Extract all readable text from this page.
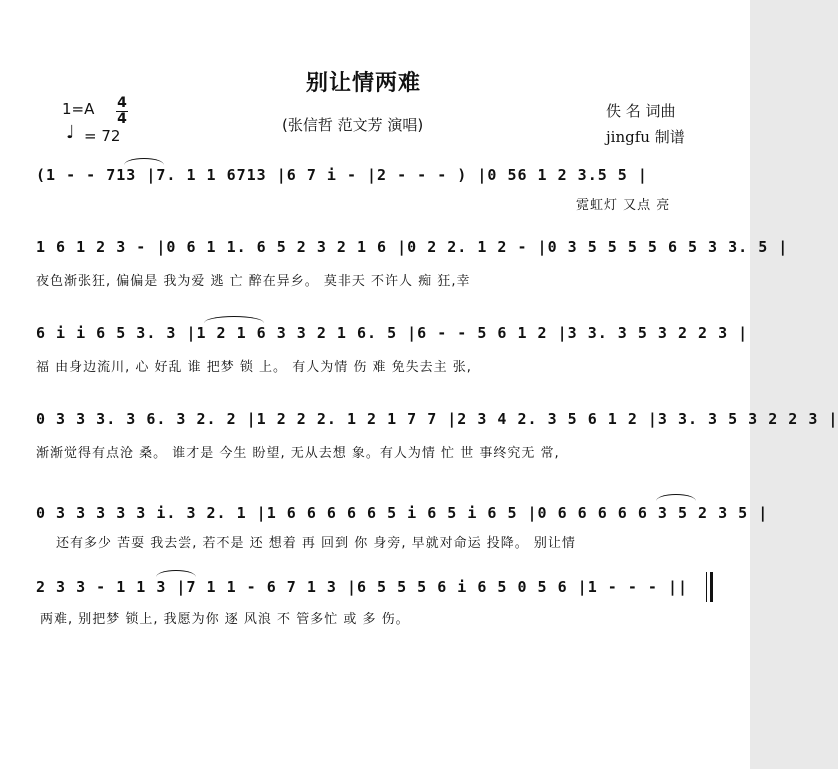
别让情两难
1=A 4
4
♩ = 72
(张信哲 范文芳 演唱)
佚 名 词曲
jingfu 制谱
(1 - - 713 |7. 1 1 6713 |6 7 i - |2 - - - ) |0 56 1 2 3.5 5 |
霓虹灯 又点 亮
1 6 1 2 3 - |0 6 1 1. 6 5 2 3 2 1 6 |0 2 2. 1 2 - |0 3 5 5 5 5 6 5 3 3. 5 |
夜色渐张狂, 偏偏是 我为爱 逃 亡 醉在异乡。 莫非天 不许人 痴 狂,幸
6 i i 6 5 3. 3 |1 2 1 6 3 3 2 1 6. 5 |6 - - 5 6 1 2 |3 3. 3 5 3 2 2 3 |
福 由身边流川, 心 好乱 谁 把梦 锁 上。 有人为情 伤 难 免失去主 张,
0 3 3 3. 3 6. 3 2. 2 |1 2 2 2. 1 2 1 7 7 |2 3 4 2. 3 5 6 1 2 |3 3. 3 5 3 2 2 3 |
渐渐觉得有点沧 桑。 谁才是 今生 盼望, 无从去想 象。有人为情 忙 世 事终究无 常,
0 3 3 3 3 3 i. 3 2. 1 |1 6 6 6 6 6 5 i 6 5 i 6 5 |0 6 6 6 6 6 3 5 2 3 5 |
还有多少 苦耍 我去尝, 若不是 还 想着 再 回到 你 身旁, 早就对命运 投降。 别让情
2 3 3 - 1 1 3 |7 1 1 - 6 7 1 3 |6 5 5 5 6 i 6 5 0 5 6 |1 - - - ||
两难, 别把梦 锁上, 我愿为你 逐 风浪 不 管多忙 或 多 伤。
